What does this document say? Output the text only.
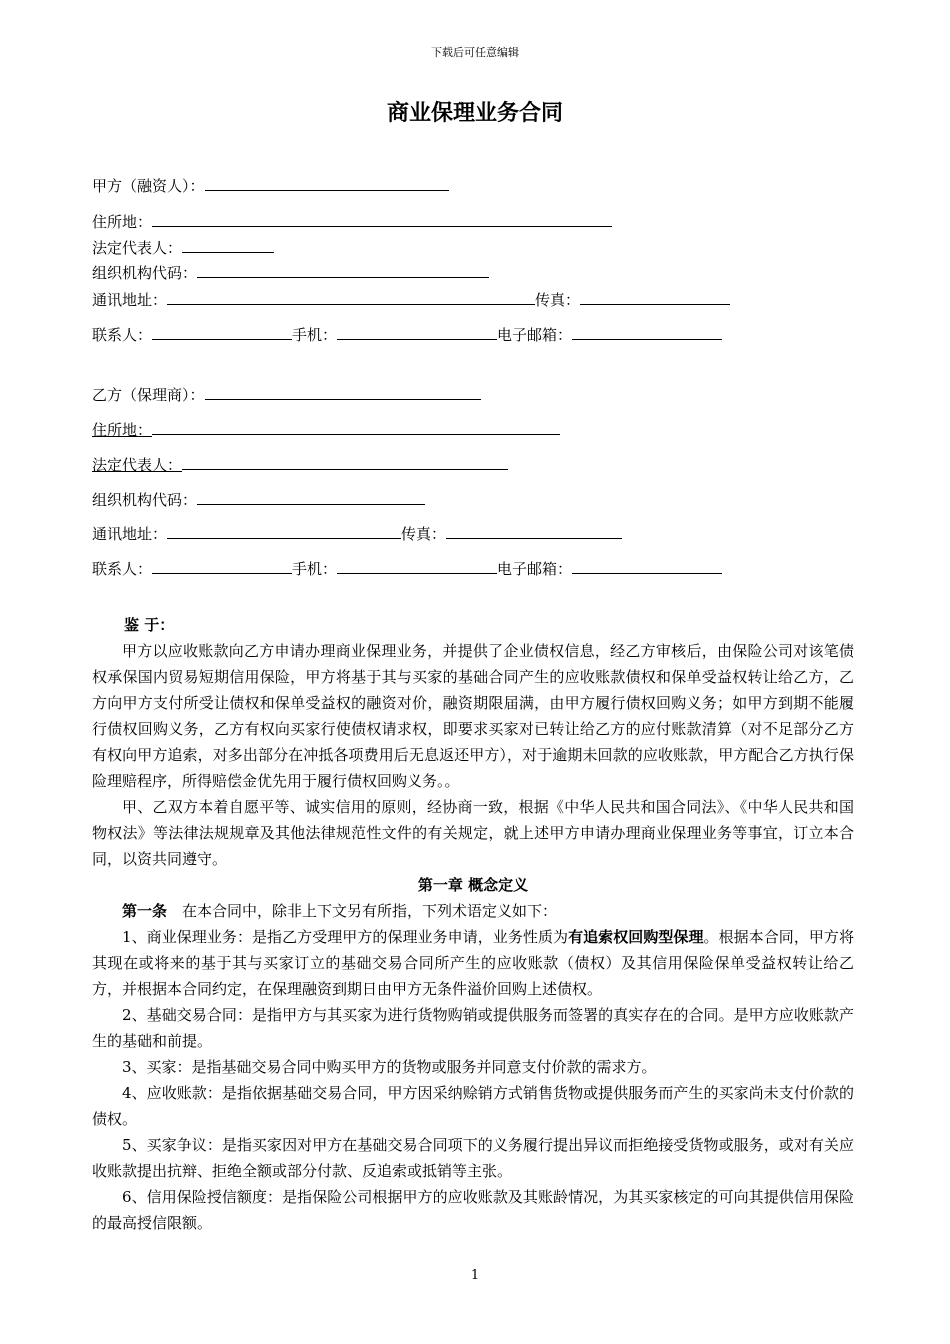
下载后可任意编辑
商业保理业务合同
甲方（融资人）：
住所地：
法定代表人：
组织机构代码：
通讯地址：	传真：
联系人：	手机：	电子邮箱：
乙方（保理商）：
住所地：
法定代表人：
组织机构代码：
通讯地址：	传真：
联系人：	手机：	电子邮箱：
鉴 于：

甲方以应收账款向乙方申请办理商业保理业务，并提供了企业债权信息，经乙方审核后，由保险公司对该笔债权承保国内贸易短期信用保险，甲方将基于其与买家的基础合同产生的应收账款债权和保单受益权转让给乙方，乙方向甲方支付所受让债权和保单受益权的融资对价，融资期限届满，由甲方履行债权回购义务；如甲方到期不能履行债权回购义务，乙方有权向买家行使债权请求权，即要求买家对已转让给乙方的应付账款清算（对不足部分乙方有权向甲方追索，对多出部分在冲抵各项费用后无息返还甲方），对于逾期未回款的应收账款，甲方配合乙方执行保险理赔程序，所得赔偿金优先用于履行债权回购义务。。

甲、乙双方本着自愿平等、诚实信用的原则，经协商一致，根据《中华人民共和国合同法》、《中华人民共和国物权法》等法律法规规章及其他法律规范性文件的有关规定，就上述甲方申请办理商业保理业务等事宜，订立本合同，以资共同遵守。

第一章 概念定义

第一条　在本合同中，除非上下文另有所指，下列术语定义如下：

1、商业保理业务：是指乙方受理甲方的保理业务申请，业务性质为有追索权回购型保理。根据本合同，甲方将其现在或将来的基于其与买家订立的基础交易合同所产生的应收账款（债权）及其信用保险保单受益权转让给乙方，并根据本合同约定，在保理融资到期日由甲方无条件溢价回购上述债权。

2、基础交易合同：是指甲方与其买家为进行货物购销或提供服务而签署的真实存在的合同。是甲方应收账款产生的基础和前提。

3、买家：是指基础交易合同中购买甲方的货物或服务并同意支付价款的需求方。

4、应收账款：是指依据基础交易合同，甲方因采纳赊销方式销售货物或提供服务而产生的买家尚未支付价款的债权。

5、买家争议：是指买家因对甲方在基础交易合同项下的义务履行提出异议而拒绝接受货物或服务，或对有关应收账款提出抗辩、拒绝全额或部分付款、反追索或抵销等主张。

6、信用保险授信额度：是指保险公司根据甲方的应收账款及其账龄情况，为其买家核定的可向其提供信用保险的最高授信限额。

1
